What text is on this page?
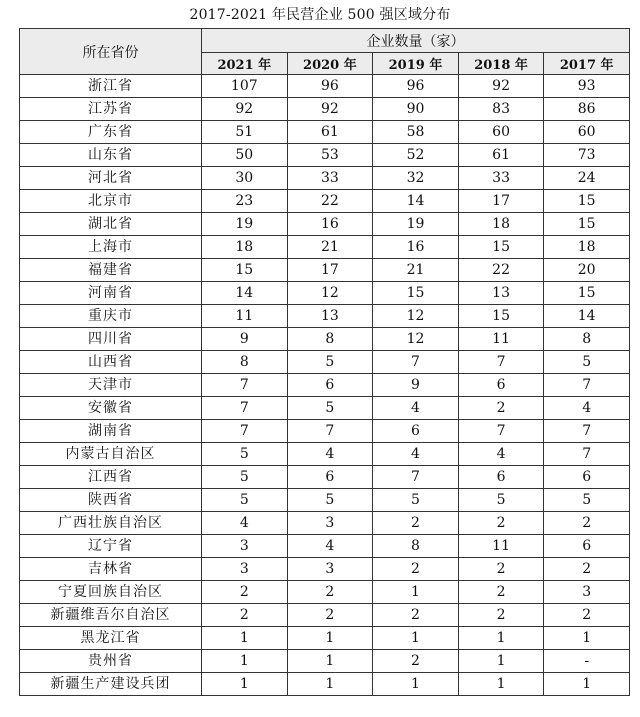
2017-2021 年民营企业 500 强区域分布
所在省份	企业数量（家）				
	2021 年	2020 年	2019 年	2018 年	2017 年
浙江省	107	96	96	92	93
江苏省	92	92	90	83	86
广东省	51	61	58	60	60
山东省	50	53	52	61	73
河北省	30	33	32	33	24
北京市	23	22	14	17	15
湖北省	19	16	19	18	15
上海市	18	21	16	15	18
福建省	15	17	21	22	20
河南省	14	12	15	13	15
重庆市	11	13	12	15	14
四川省	9	8	12	11	8
山西省	8	5	7	7	5
天津市	7	6	9	6	7
安徽省	7	5	4	2	4
湖南省	7	7	6	7	7
内蒙古自治区	5	4	4	4	7
江西省	5	6	7	6	6
陕西省	5	5	5	5	5
广西壮族自治区	4	3	2	2	2
辽宁省	3	4	8	11	6
吉林省	3	3	2	2	2
宁夏回族自治区	2	2	1	2	3
新疆维吾尔自治区	2	2	2	2	2
黑龙江省	1	1	1	1	1
贵州省	1	1	2	1	-
新疆生产建设兵团	1	1	1	1	1
